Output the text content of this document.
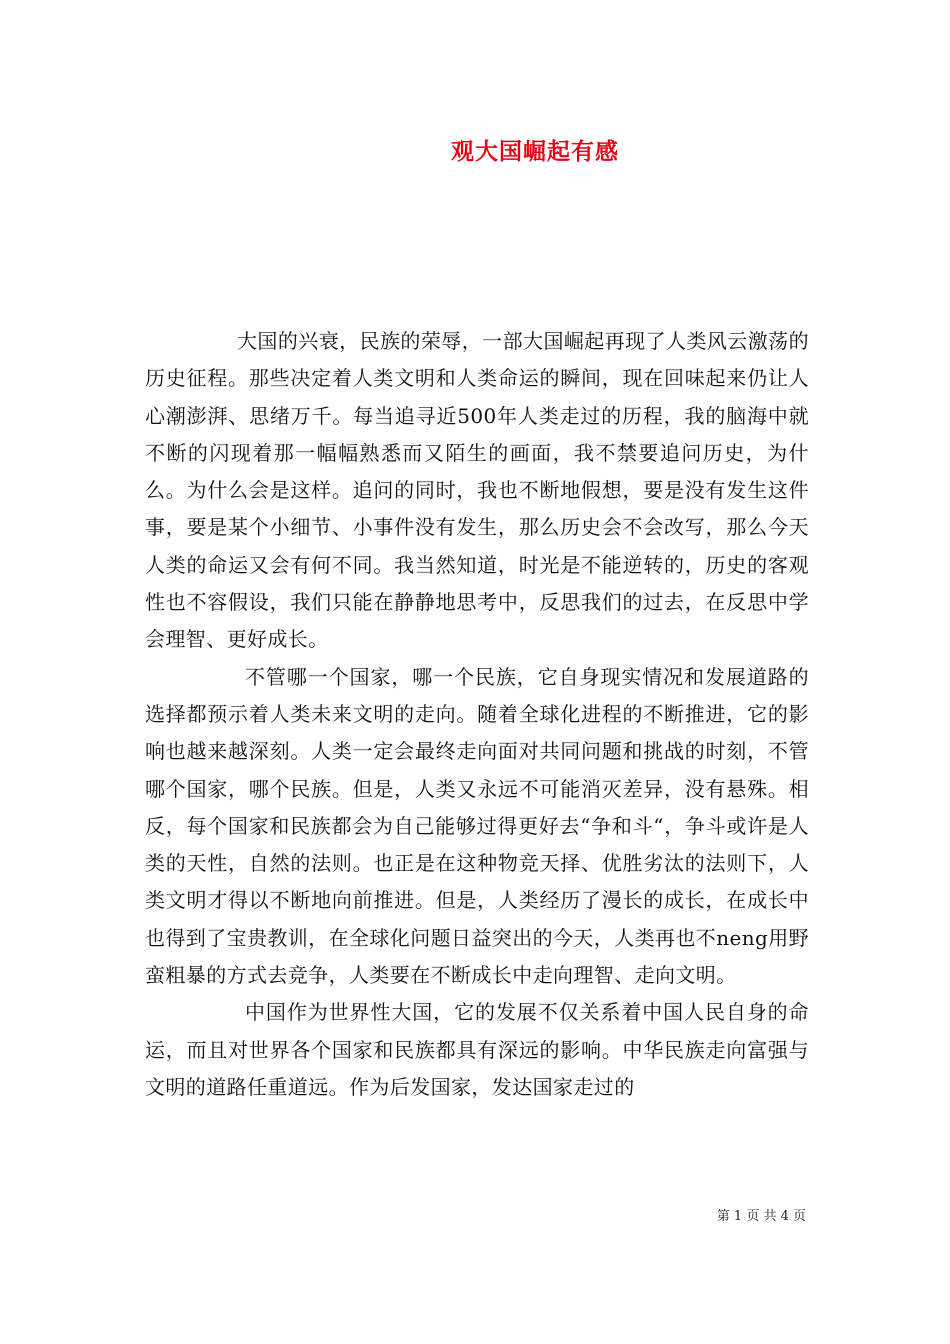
观大国崛起有感

大国的兴衰，民族的荣辱，一部大国崛起再现了人类风云激荡的历史征程。那些决定着人类文明和人类命运的瞬间，现在回味起来仍让人心潮澎湃、思绪万千。每当追寻近500年人类走过的历程，我的脑海中就不断的闪现着那一幅幅熟悉而又陌生的画面，我不禁要追问历史，为什么。为什么会是这样。追问的同时，我也不断地假想，要是没有发生这件事，要是某个小细节、小事件没有发生，那么历史会不会改写，那么今天人类的命运又会有何不同。我当然知道，时光是不能逆转的，历史的客观性也不容假设，我们只能在静静地思考中，反思我们的过去，在反思中学会理智、更好成长。

不管哪一个国家，哪一个民族，它自身现实情况和发展道路的选择都预示着人类未来文明的走向。随着全球化进程的不断推进，它的影响也越来越深刻。人类一定会最终走向面对共同问题和挑战的时刻，不管哪个国家，哪个民族。但是，人类又永远不可能消灭差异，没有悬殊。相反，每个国家和民族都会为自己能够过得更好去“争和斗“，争斗或许是人类的天性，自然的法则。也正是在这种物竞天择、优胜劣汰的法则下，人类文明才得以不断地向前推进。但是，人类经历了漫长的成长，在成长中也得到了宝贵教训，在全球化问题日益突出的今天，人类再也不neng用野蛮粗暴的方式去竞争，人类要在不断成长中走向理智、走向文明。

中国作为世界性大国，它的发展不仅关系着中国人民自身的命运，而且对世界各个国家和民族都具有深远的影响。中华民族走向富强与文明的道路任重道远。作为后发国家，发达国家走过的

第 1 页 共 4 页
